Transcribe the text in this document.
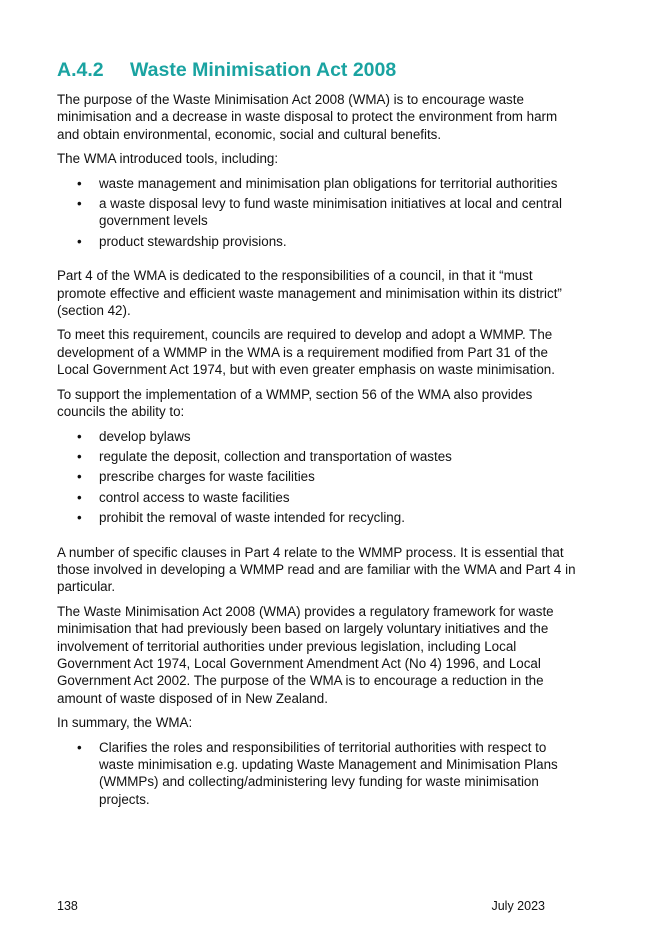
A.4.2	Waste Minimisation Act 2008

The purpose of the Waste Minimisation Act 2008 (WMA) is to encourage waste minimisation and a decrease in waste disposal to protect the environment from harm and obtain environmental, economic, social and cultural benefits.

The WMA introduced tools, including:

• waste management and minimisation plan obligations for territorial authorities
• a waste disposal levy to fund waste minimisation initiatives at local and central government levels
• product stewardship provisions.

Part 4 of the WMA is dedicated to the responsibilities of a council, in that it “must promote effective and efficient waste management and minimisation within its district” (section 42).

To meet this requirement, councils are required to develop and adopt a WMMP. The development of a WMMP in the WMA is a requirement modified from Part 31 of the Local Government Act 1974, but with even greater emphasis on waste minimisation.

To support the implementation of a WMMP, section 56 of the WMA also provides councils the ability to:

• develop bylaws
• regulate the deposit, collection and transportation of wastes
• prescribe charges for waste facilities
• control access to waste facilities
• prohibit the removal of waste intended for recycling.

A number of specific clauses in Part 4 relate to the WMMP process. It is essential that those involved in developing a WMMP read and are familiar with the WMA and Part 4 in particular.

The Waste Minimisation Act 2008 (WMA) provides a regulatory framework for waste minimisation that had previously been based on largely voluntary initiatives and the involvement of territorial authorities under previous legislation, including Local Government Act 1974, Local Government Amendment Act (No 4) 1996, and Local Government Act 2002. The purpose of the WMA is to encourage a reduction in the amount of waste disposed of in New Zealand.

In summary, the WMA:

• Clarifies the roles and responsibilities of territorial authorities with respect to waste minimisation e.g. updating Waste Management and Minimisation Plans (WMMPs) and collecting/administering levy funding for waste minimisation projects.
138	July 2023
